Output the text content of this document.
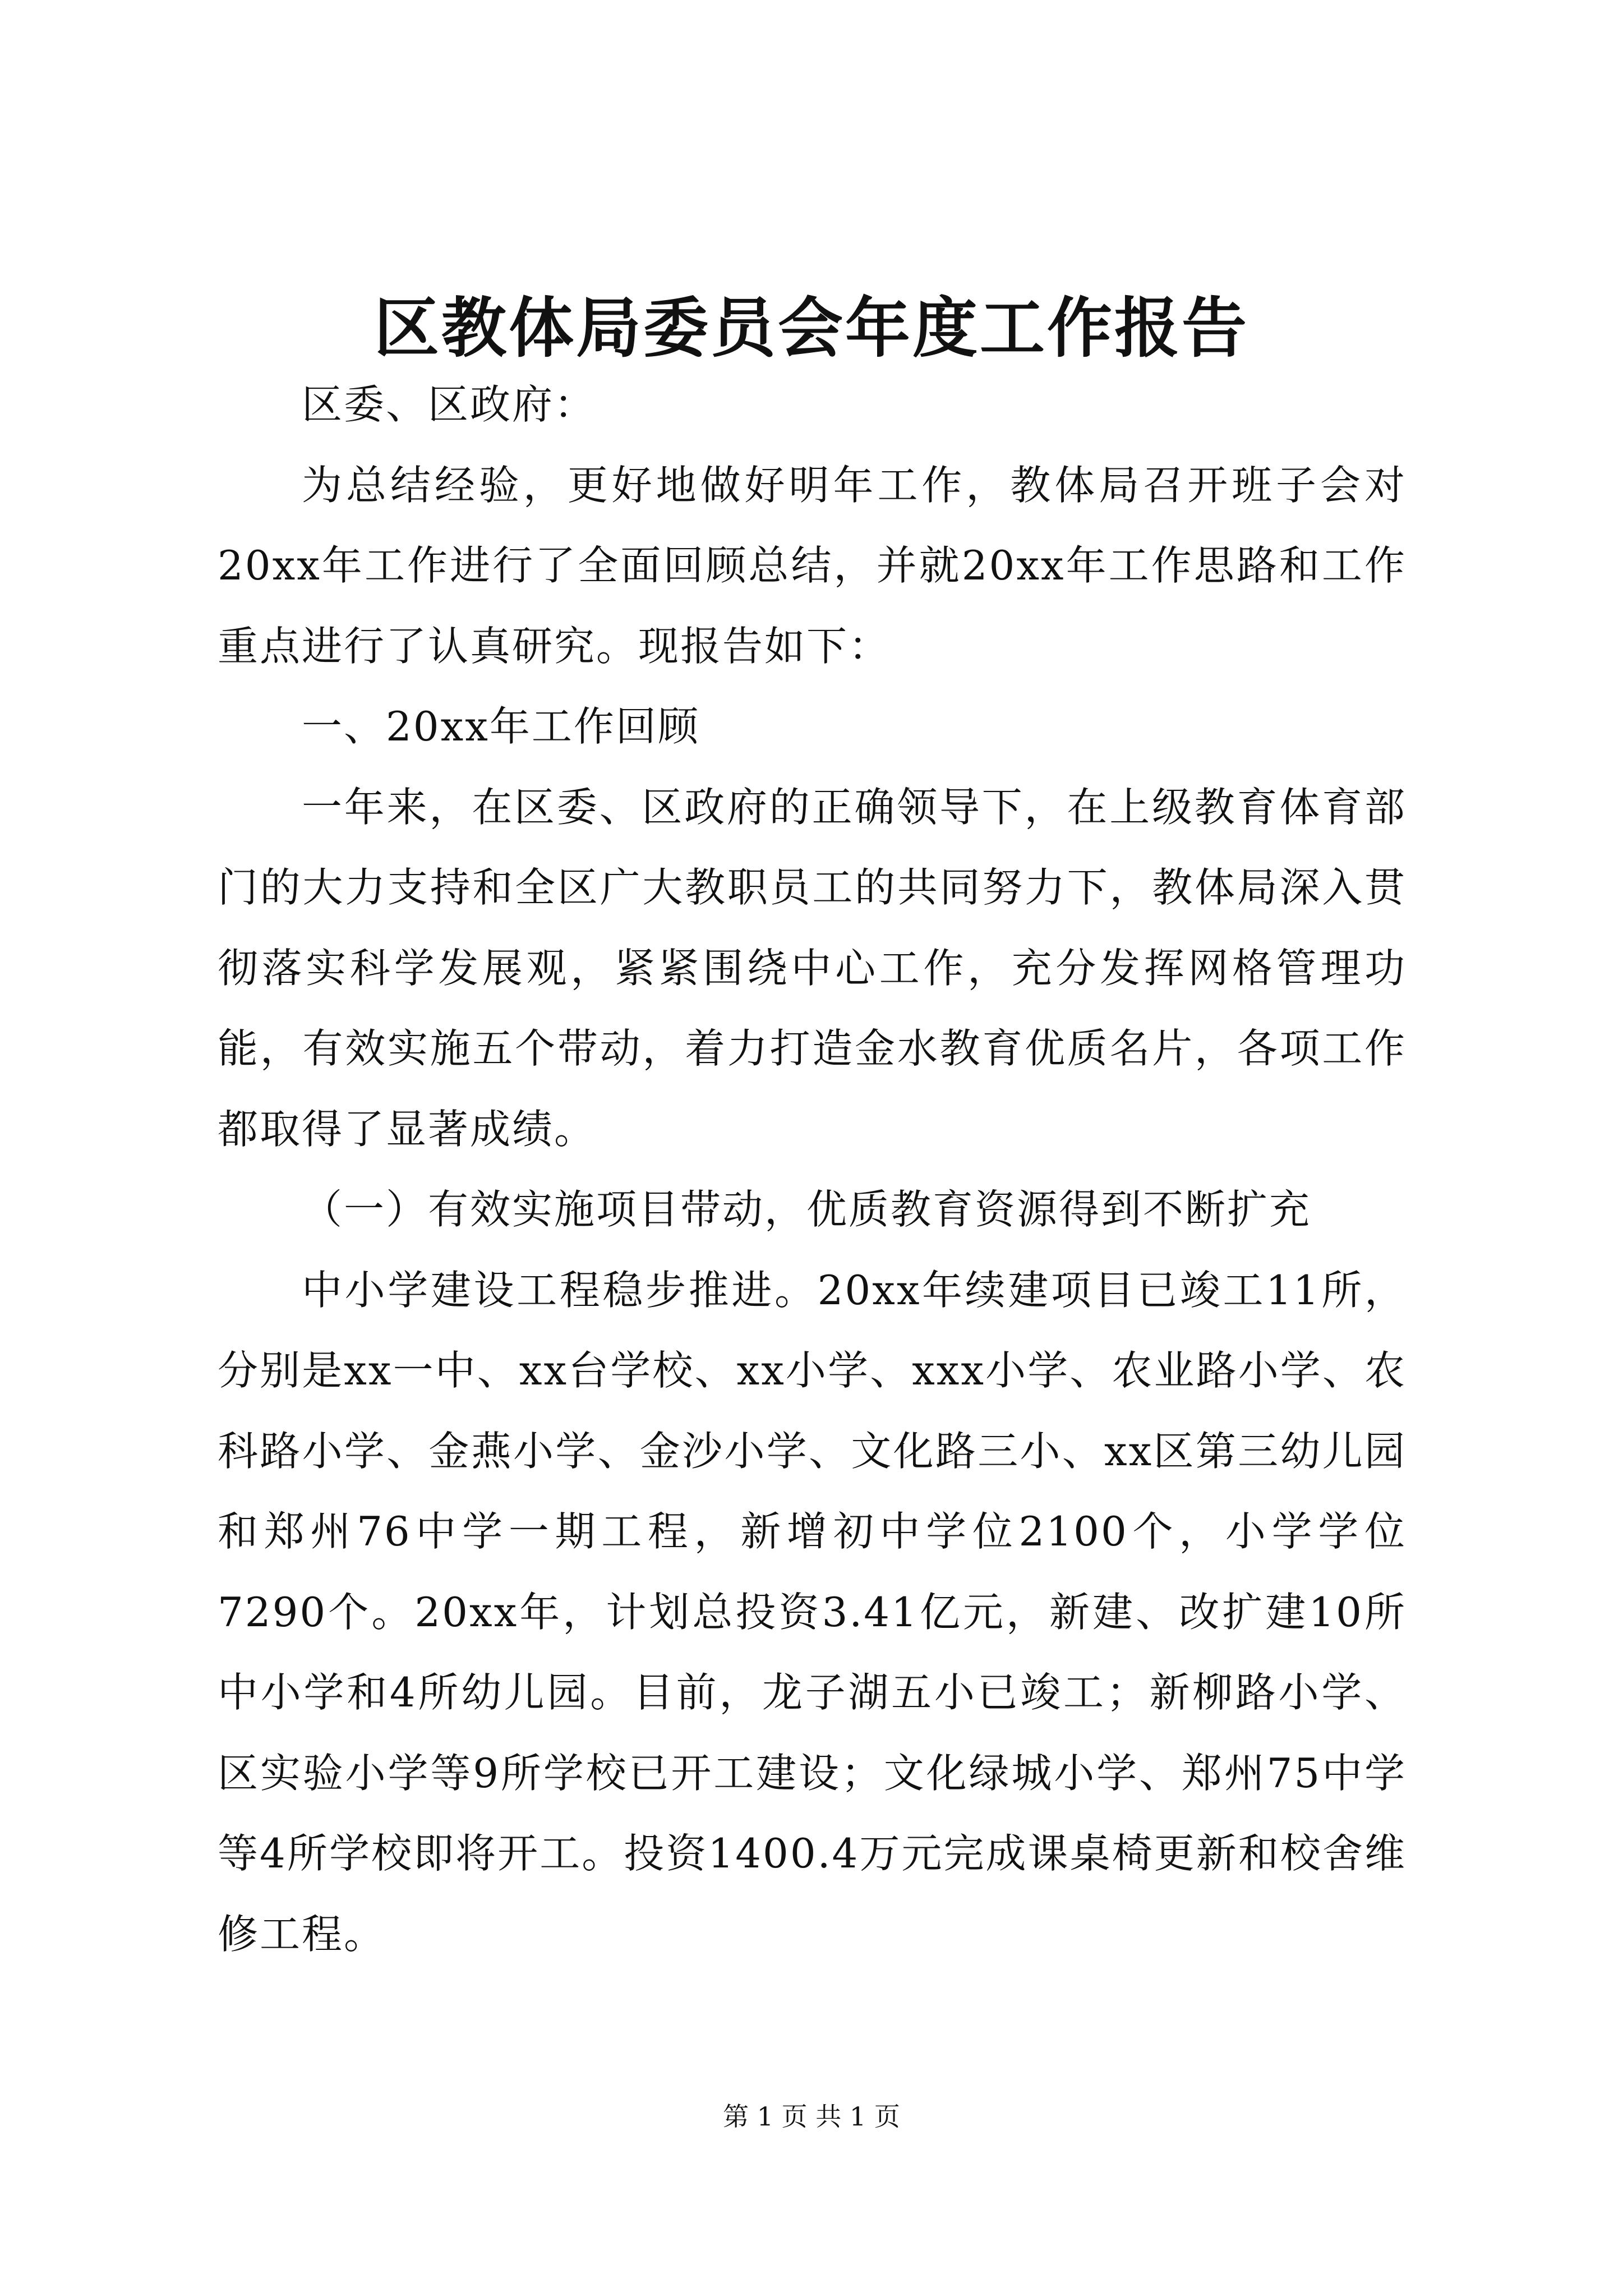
区教体局委员会年度工作报告

区委、区政府：

为总结经验，更好地做好明年工作，教体局召开班子会对20xx年工作进行了全面回顾总结，并就20xx年工作思路和工作重点进行了认真研究。现报告如下：

一、20xx年工作回顾

一年来，在区委、区政府的正确领导下，在上级教育体育部门的大力支持和全区广大教职员工的共同努力下，教体局深入贯彻落实科学发展观，紧紧围绕中心工作，充分发挥网格管理功能，有效实施五个带动，着力打造金水教育优质名片，各项工作都取得了显著成绩。

（一）有效实施项目带动，优质教育资源得到不断扩充

中小学建设工程稳步推进。20xx年续建项目已竣工11所，分别是xx一中、xx台学校、xx小学、xxx小学、农业路小学、农科路小学、金燕小学、金沙小学、文化路三小、xx区第三幼儿园和郑州76中学一期工程，新增初中学位2100个，小学学位7290个。20xx年，计划总投资3.41亿元，新建、改扩建10所中小学和4所幼儿园。目前，龙子湖五小已竣工；新柳路小学、区实验小学等9所学校已开工建设；文化绿城小学、郑州75中学等4所学校即将开工。投资1400.4万元完成课桌椅更新和校舍维修工程。

第 1 页 共 1 页
